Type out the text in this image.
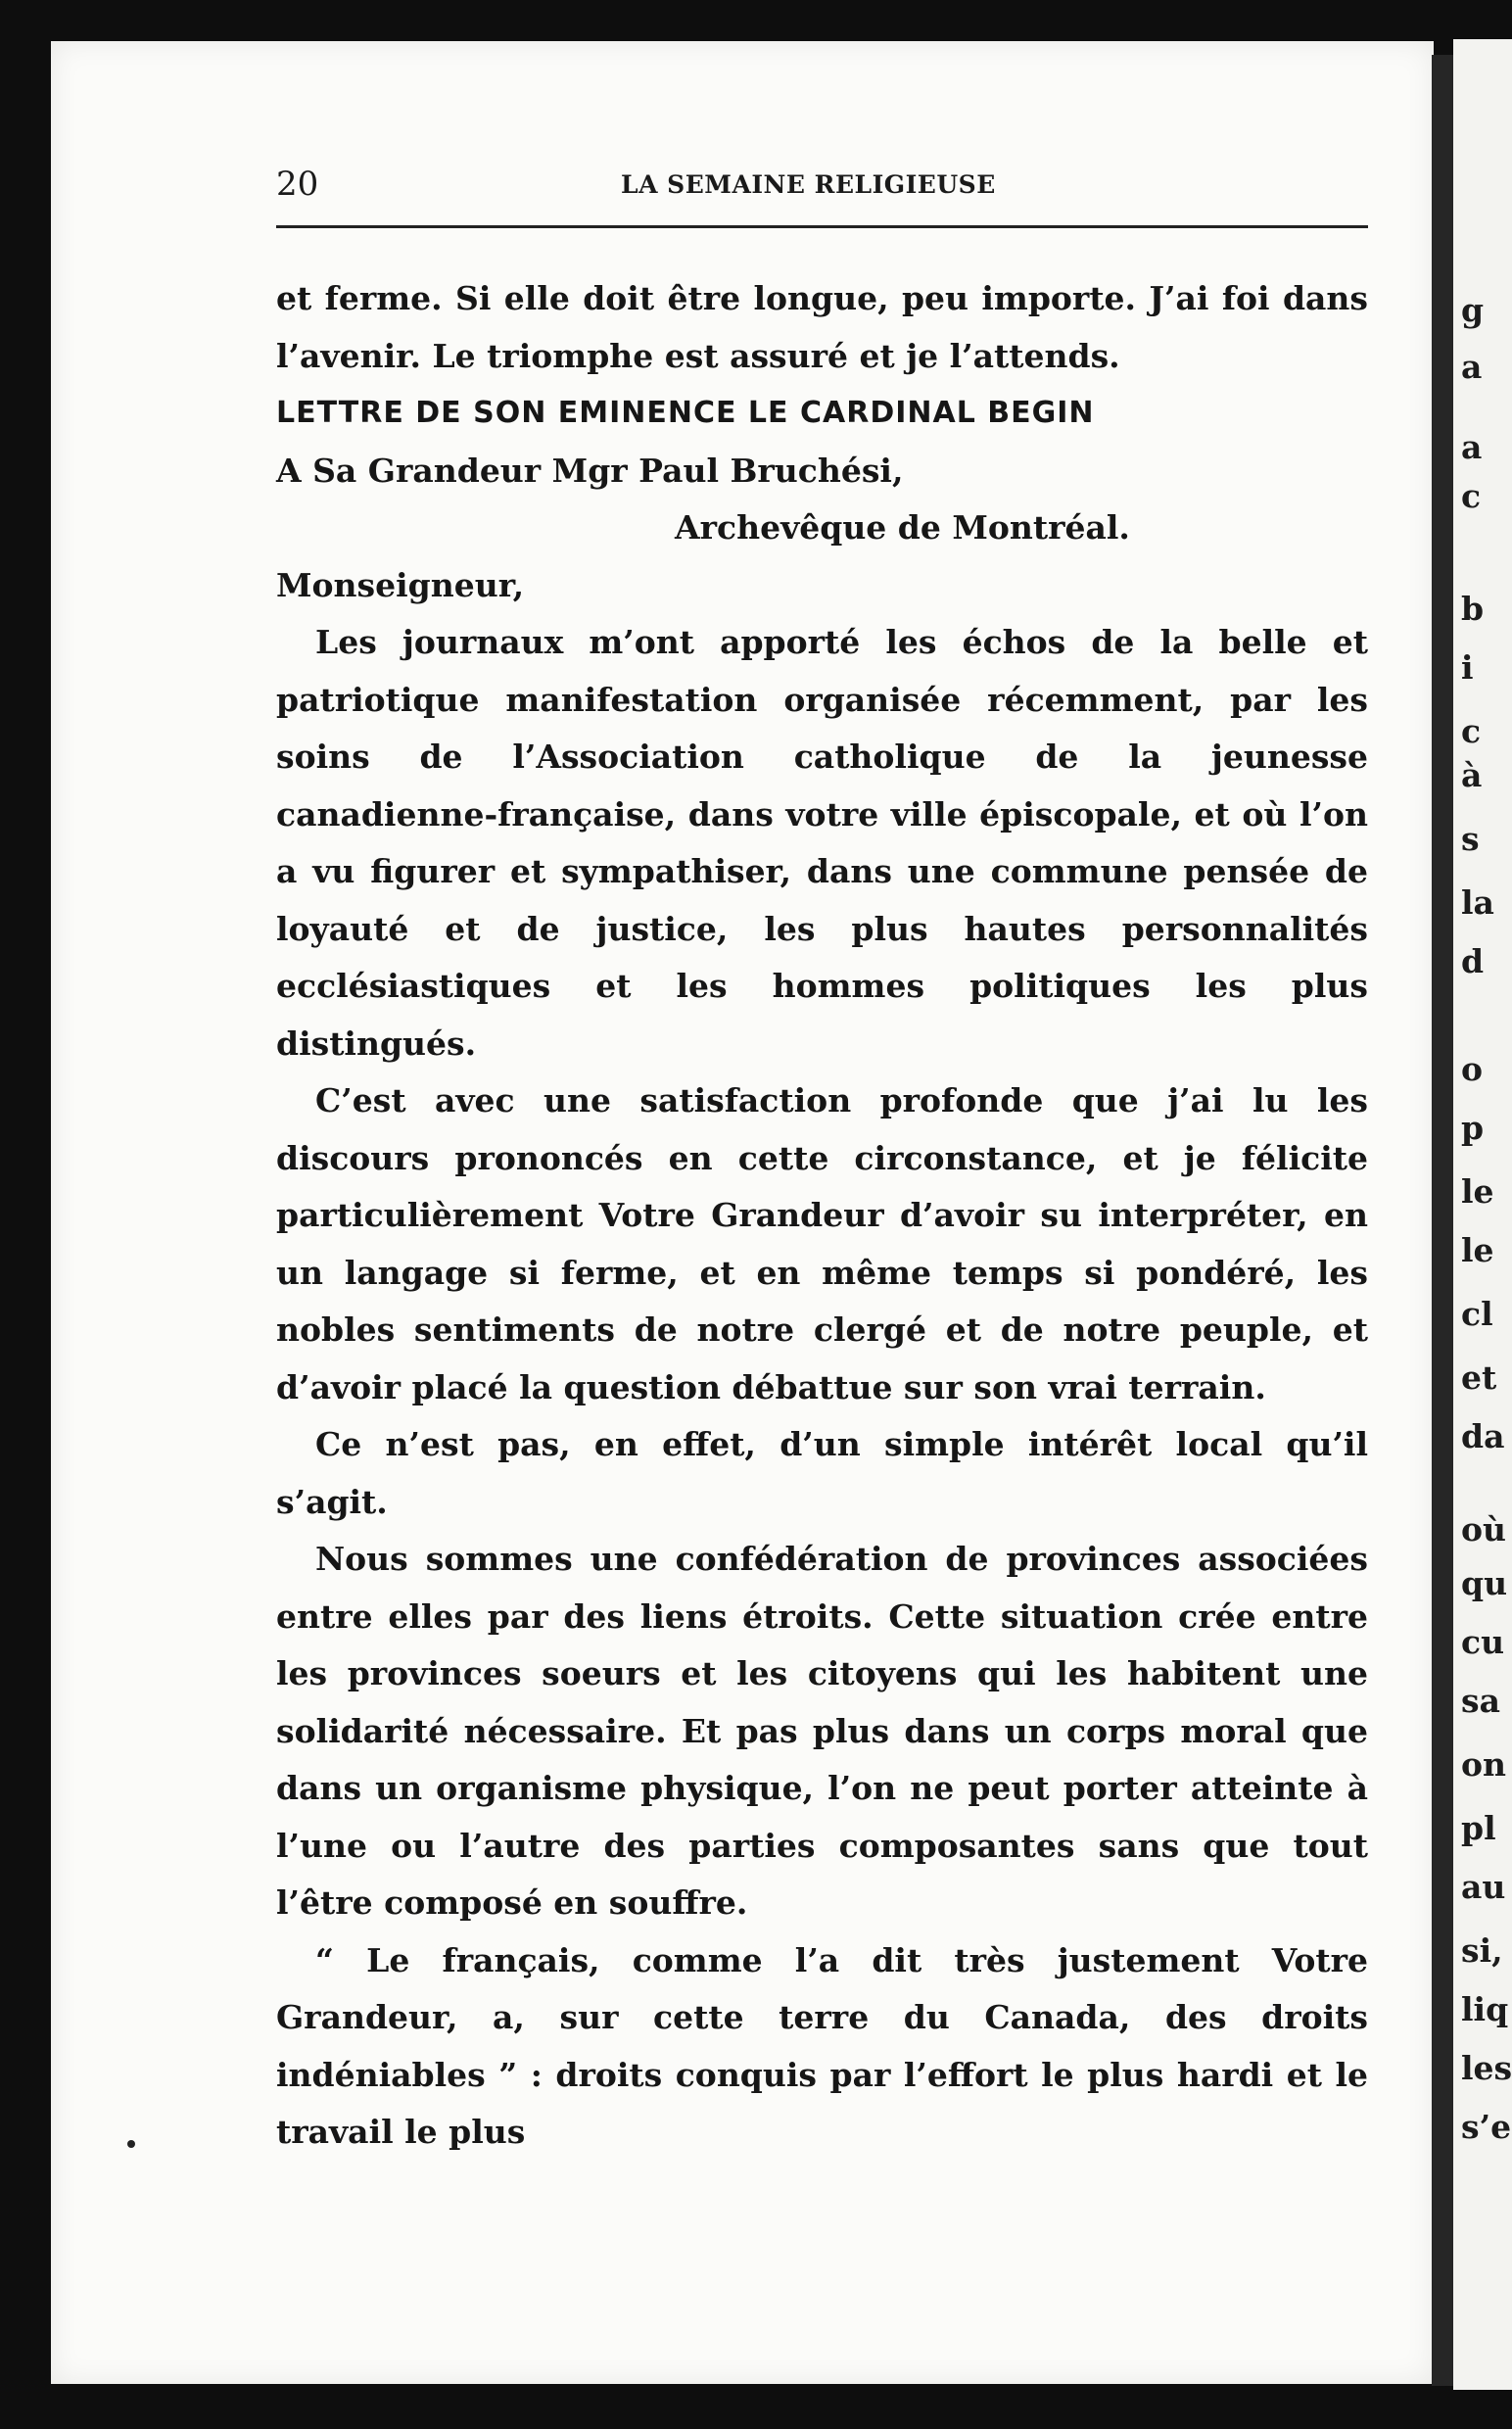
g
a
a
c
b
i
c
à
s
la
d
o
p
le
le
cl
et
da
où
qu
cu
sa
on
pl
au
si,
liq
les
s’e
20	LA SEMAINE RELIGIEUSE

et ferme. Si elle doit être longue, peu importe. J’ai foi dans l’avenir. Le triomphe est assuré et je l’attends.

LETTRE DE SON EMINENCE LE CARDINAL BEGIN

A Sa Grandeur Mgr Paul Bruchési,

Archevêque de Montréal.

Monseigneur,

Les journaux m’ont apporté les échos de la belle et patriotique manifestation organisée récemment, par les soins de l’Association catholique de la jeunesse canadienne-française, dans votre ville épiscopale, et où l’on a vu figurer et sympathiser, dans une commune pensée de loyauté et de justice, les plus hautes personnalités ecclésiastiques et les hommes politiques les plus distingués.

C’est avec une satisfaction profonde que j’ai lu les discours prononcés en cette circonstance, et je félicite particulièrement Votre Grandeur d’avoir su interpréter, en un langage si ferme, et en même temps si pondéré, les nobles sentiments de notre clergé et de notre peuple, et d’avoir placé la question débattue sur son vrai terrain.

Ce n’est pas, en effet, d’un simple intérêt local qu’il s’agit.

Nous sommes une confédération de provinces associées entre elles par des liens étroits. Cette situation crée entre les provinces soeurs et les citoyens qui les habitent une solidarité nécessaire. Et pas plus dans un corps moral que dans un organisme physique, l’on ne peut porter atteinte à l’une ou l’autre des parties composantes sans que tout l’être composé en souffre.

“ Le français, comme l’a dit très justement Votre Grandeur, a, sur cette terre du Canada, des droits indéniables ” : droits conquis par l’effort le plus hardi et le travail le plus
